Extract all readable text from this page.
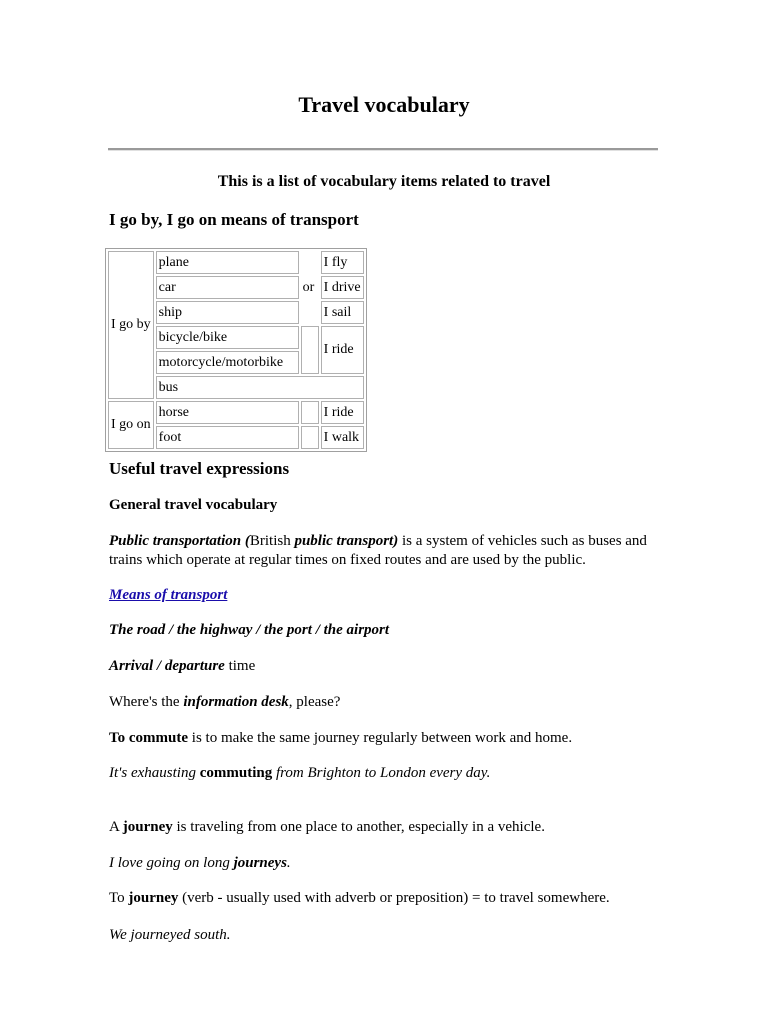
Travel vocabulary
This is a list of vocabulary items related to travel
I go by, I go on means of transport
I go by	plane	or	I fly
	car		I drive
	ship		I sail
	bicycle/bike		I ride
	motorcycle/motorbike		
	bus		
I go on	horse		I ride
	foot		I walk
Useful travel expressions
General travel vocabulary
Public transportation (British public transport) is a system of vehicles such as buses and trains which operate at regular times on fixed routes and are used by the public.
Means of transport
The road / the highway / the port / the airport
Arrival / departure time
Where's the information desk, please?
To commute is to make the same journey regularly between work and home.
It's exhausting commuting from Brighton to London every day.
A journey is traveling from one place to another, especially in a vehicle.
I love going on long journeys.
To journey (verb - usually used with adverb or preposition) = to travel somewhere.
We journeyed south.
